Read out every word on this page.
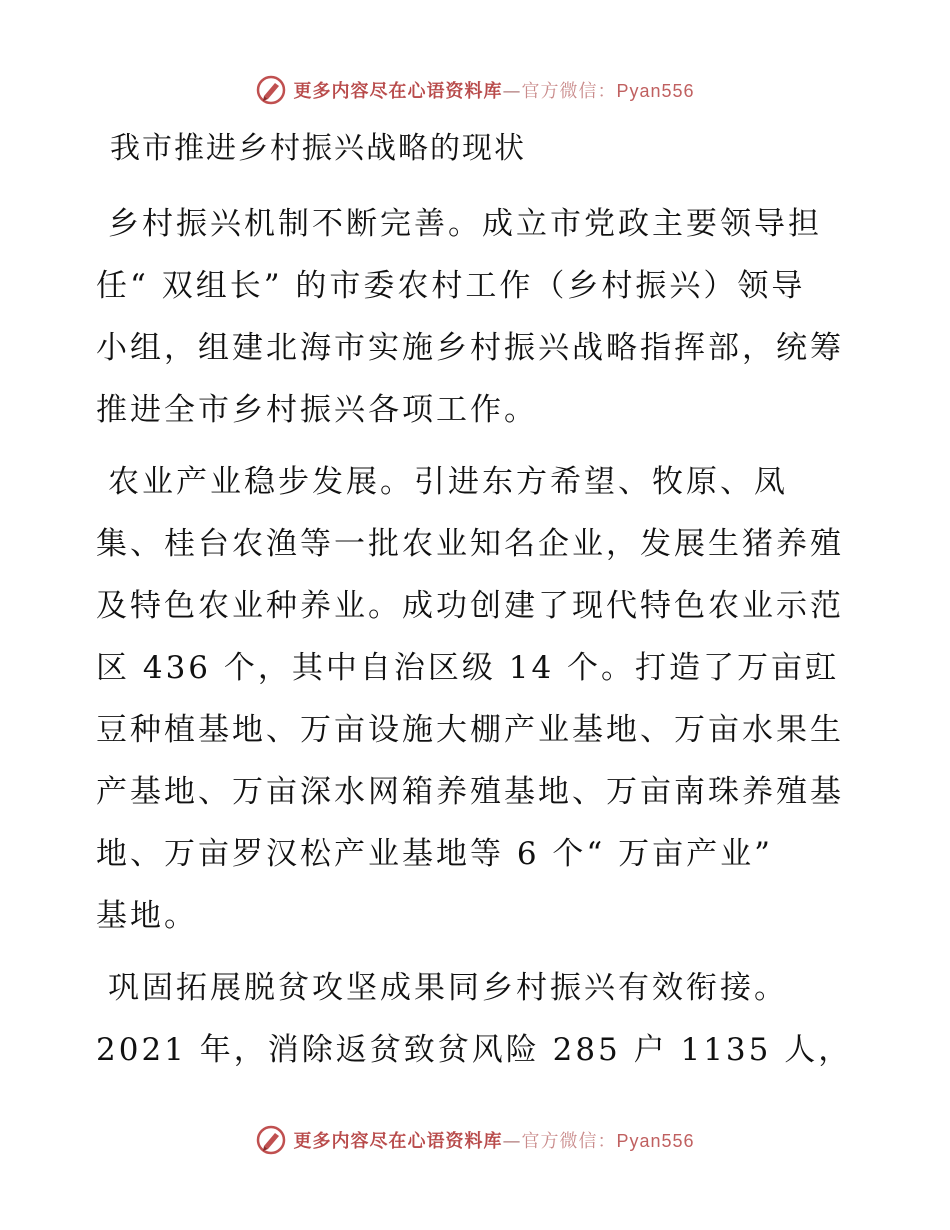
更多内容尽在心语资料库—官方微信：Pyan556
我市推进乡村振兴战略的现状
乡村振兴机制不断完善。成立市党政主要领导担
任“ 双组长” 的市委农村工作（乡村振兴）领导
小组，组建北海市实施乡村振兴战略指挥部，统筹
推进全市乡村振兴各项工作。
农业产业稳步发展。引进东方希望、牧原、凤
集、桂台农渔等一批农业知名企业，发展生猪养殖
及特色农业种养业。成功创建了现代特色农业示范
区 436 个，其中自治区级 14 个。打造了万亩豇
豆种植基地、万亩设施大棚产业基地、万亩水果生
产基地、万亩深水网箱养殖基地、万亩南珠养殖基
地、万亩罗汉松产业基地等 6 个“ 万亩产业”
基地。
巩固拓展脱贫攻坚成果同乡村振兴有效衔接。
2021 年，消除返贫致贫风险 285 户 1135 人，
更多内容尽在心语资料库—官方微信：Pyan556
